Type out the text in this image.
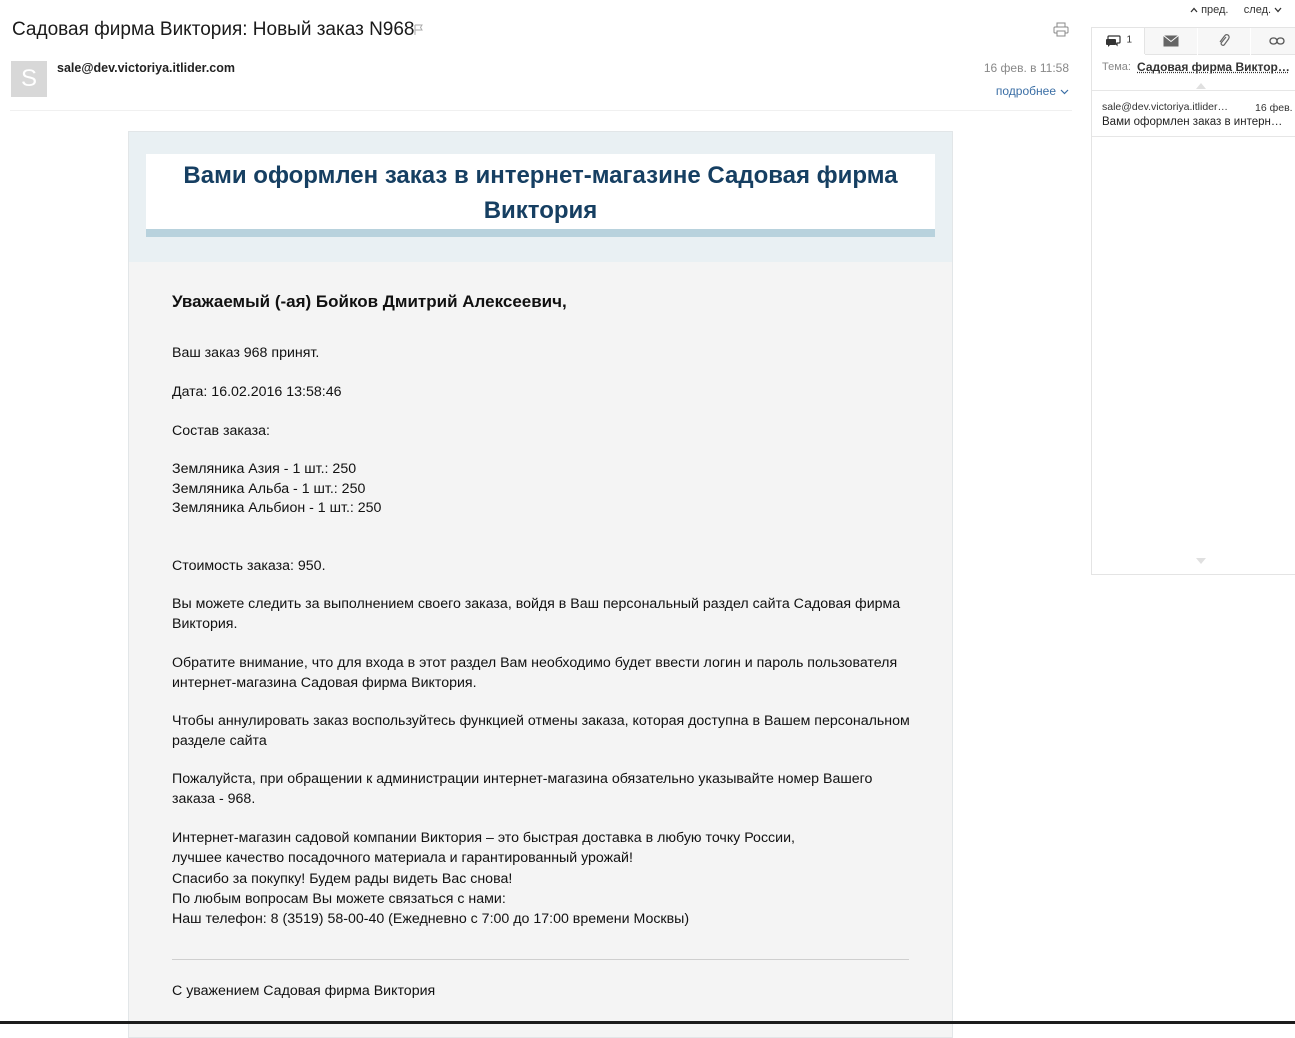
Садовая фирма Виктория: Новый заказ N968
S	sale@dev.victoriya.itlider.com	16 фев. в 11:58
подробнее
пред. след.
Вами оформлен заказ в интернет-магазине Садовая фирма Виктория
Уважаемый (-ая) Бойков Дмитрий Алексеевич,
Ваш заказ 968 принят.
Дата: 16.02.2016 13:58:46
Состав заказа:
Земляника Азия - 1 шт.: 250
Земляника Альба - 1 шт.: 250
Земляника Альбион - 1 шт.: 250
Стоимость заказа: 950.
Вы можете следить за выполнением своего заказа, войдя в Ваш персональный раздел сайта Садовая фирма Виктория.
Обратите внимание, что для входа в этот раздел Вам необходимо будет ввести логин и пароль пользователя интернет-магазина Садовая фирма Виктория.
Чтобы аннулировать заказ воспользуйтесь функцией отмены заказа, которая доступна в Вашем персональном разделе сайта
Пожалуйста, при обращении к администрации интернет-магазина обязательно указывайте номер Вашего заказа - 968.
Интернет-магазин садовой компании Виктория – это быстрая доставка в любую точку России,
лучшее качество посадочного материала и гарантированный урожай!
Спасибо за покупку! Будем рады видеть Вас снова!
По любым вопросам Вы можете связаться с нами:
Наш телефон: 8 (3519) 58-00-40 (Ежедневно с 7:00 до 17:00 времени Москвы)
С уважением Садовая фирма Виктория
1
Тема: Садовая фирма Виктор…
sale@dev.victoriya.itlider…	16 фев.
Вами оформлен заказ в интерн…
